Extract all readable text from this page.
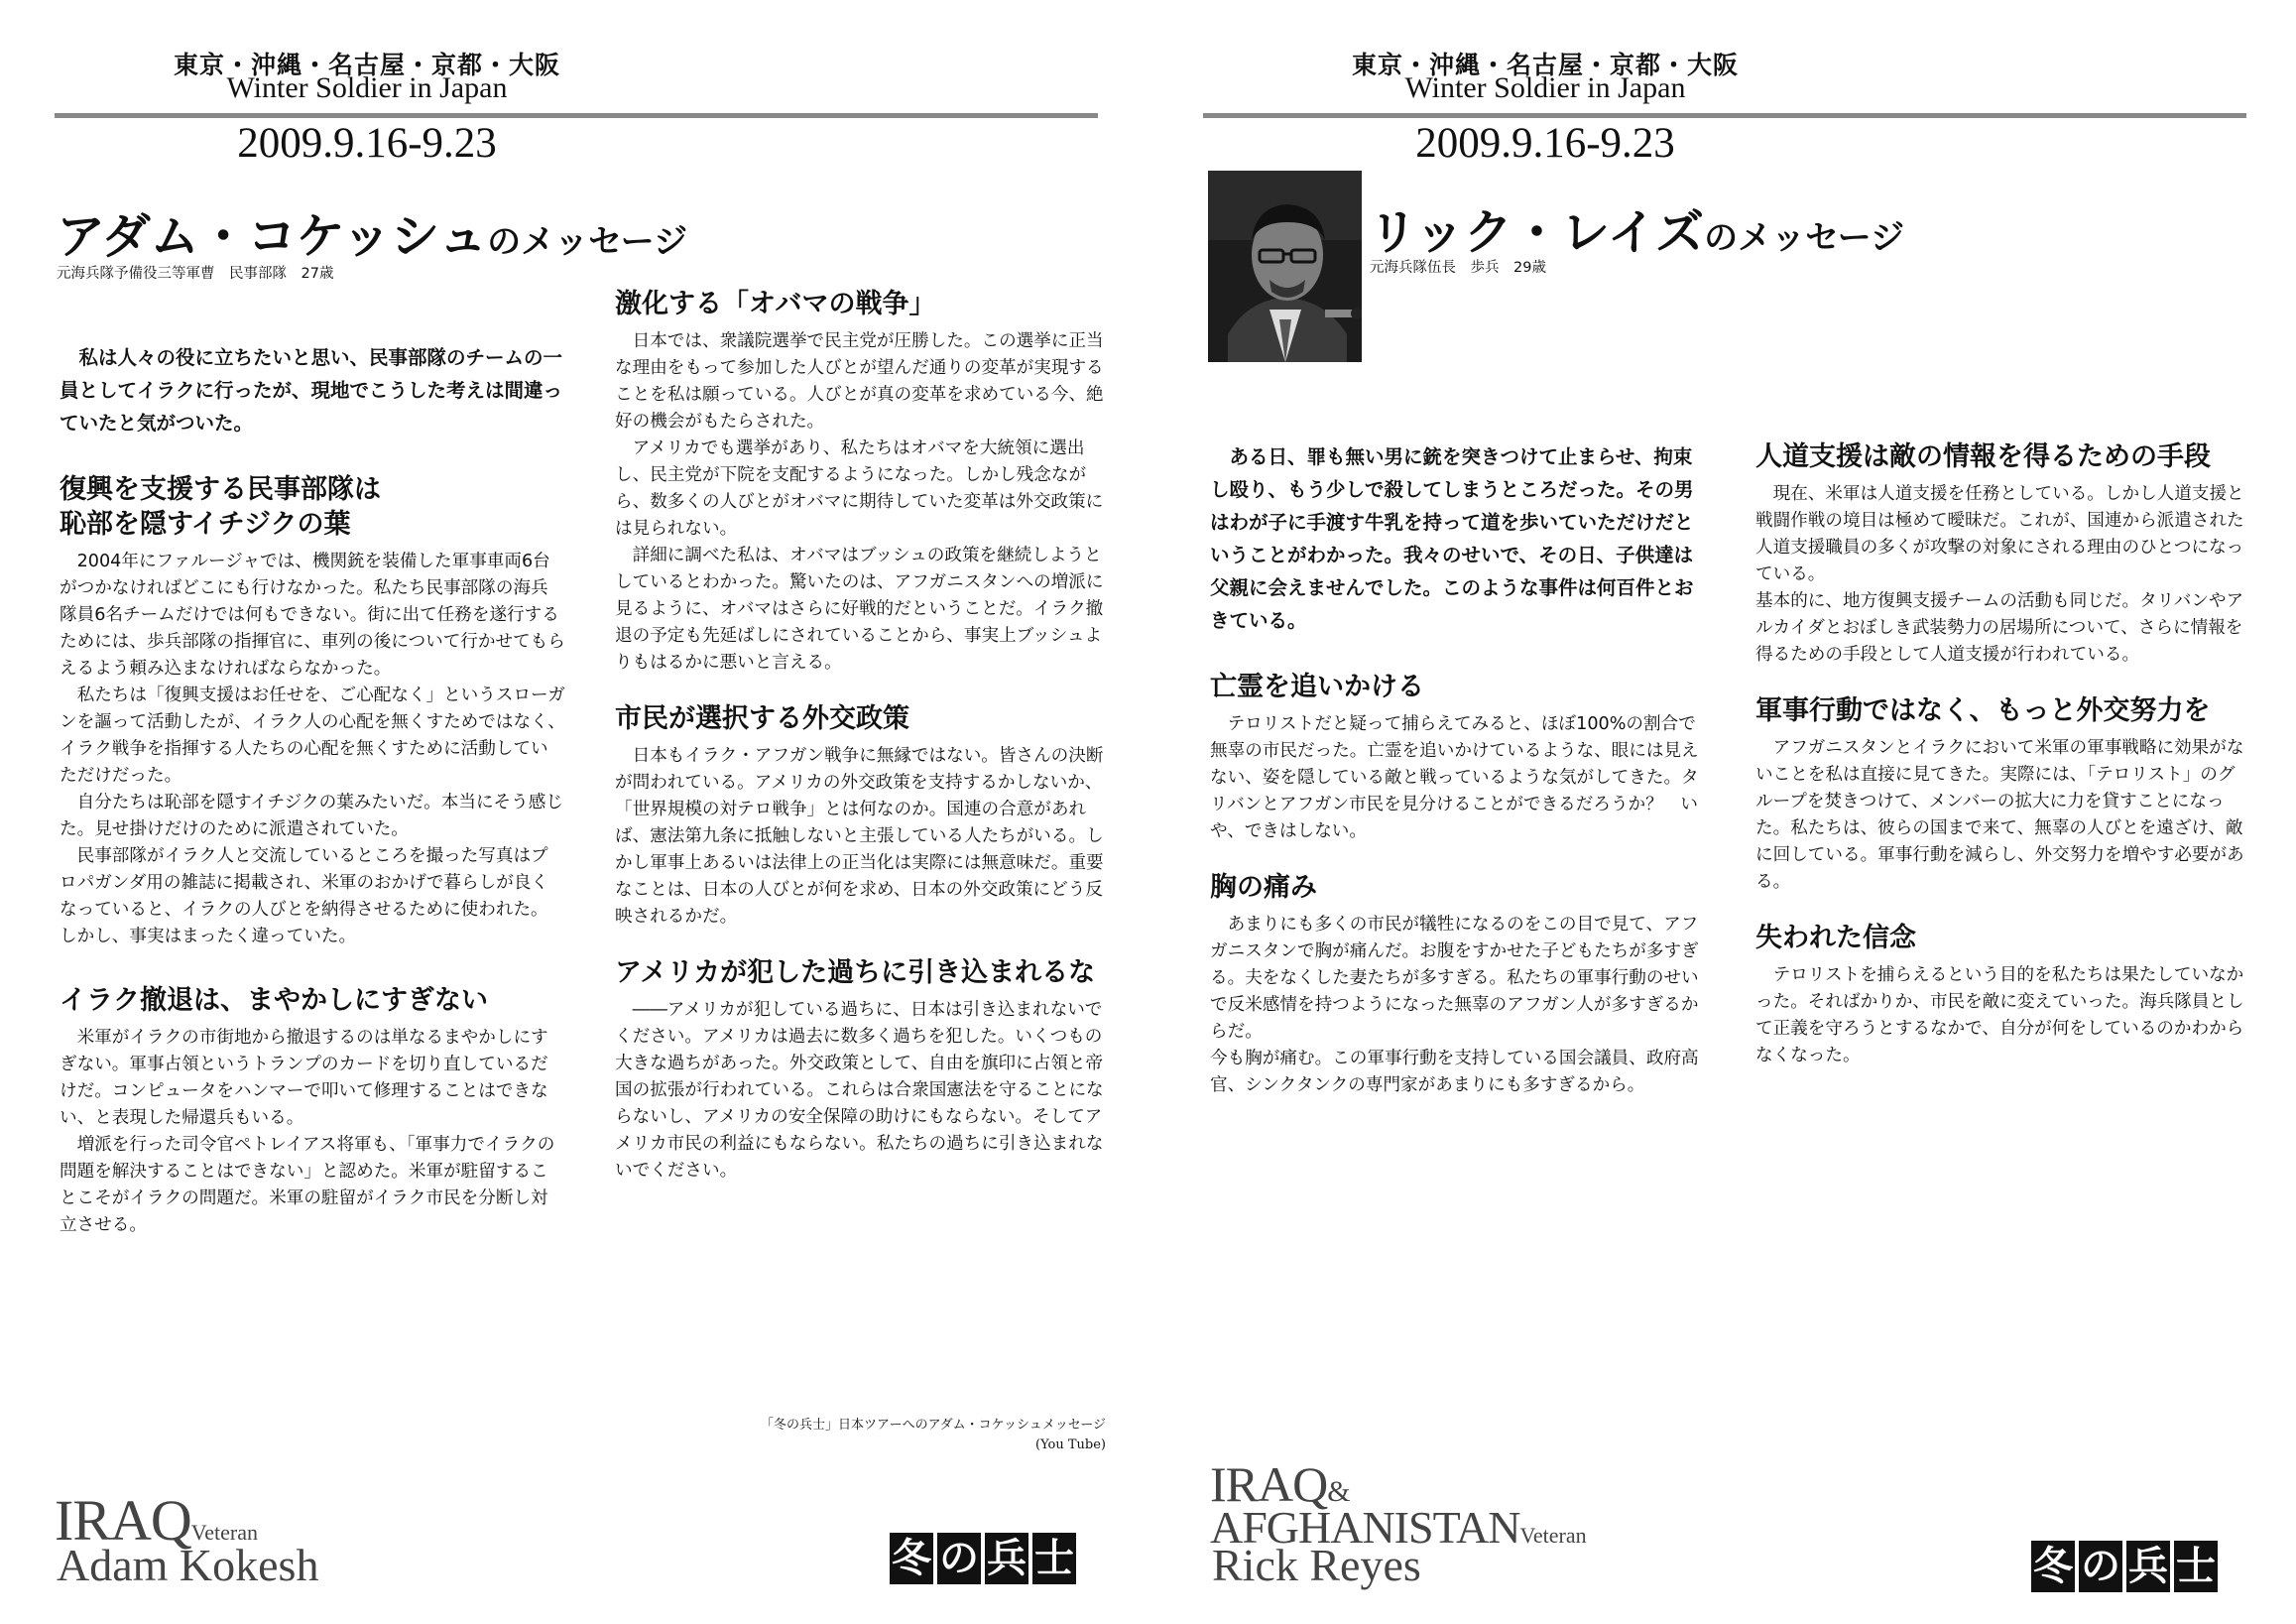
東京・沖縄・名古屋・京都・大阪
Winter Soldier in Japan
2009.9.16-9.23
アダム・コケッシュのメッセージ
元海兵隊予備役三等軍曹　民事部隊　27歳

私は人々の役に立ちたいと思い、民事部隊のチームの一員としてイラクに行ったが、現地でこうした考えは間違っていたと気がついた。

復興を支援する民事部隊は
恥部を隠すイチジクの葉

2004年にファルージャでは、機関銃を装備した軍事車両6台がつかなければどこにも行けなかった。私たち民事部隊の海兵隊員6名チームだけでは何もできない。街に出て任務を遂行するためには、歩兵部隊の指揮官に、車列の後について行かせてもらえるよう頼み込まなければならなかった。

私たちは「復興支援はお任せを、ご心配なく」というスローガンを謳って活動したが、イラク人の心配を無くすためではなく、イラク戦争を指揮する人たちの心配を無くすために活動していただけだった。

自分たちは恥部を隠すイチジクの葉みたいだ。本当にそう感じた。見せ掛けだけのために派遣されていた。

民事部隊がイラク人と交流しているところを撮った写真はプロパガンダ用の雑誌に掲載され、米軍のおかげで暮らしが良くなっていると、イラクの人びとを納得させるために使われた。しかし、事実はまったく違っていた。

イラク撤退は、まやかしにすぎない

米軍がイラクの市街地から撤退するのは単なるまやかしにすぎない。軍事占領というトランプのカードを切り直しているだけだ。コンピュータをハンマーで叩いて修理することはできない、と表現した帰還兵もいる。

増派を行った司令官ペトレイアス将軍も、「軍事力でイラクの問題を解決することはできない」と認めた。米軍が駐留することこそがイラクの問題だ。米軍の駐留がイラク市民を分断し対立させる。

激化する「オバマの戦争」

日本では、衆議院選挙で民主党が圧勝した。この選挙に正当な理由をもって参加した人びとが望んだ通りの変革が実現することを私は願っている。人びとが真の変革を求めている今、絶好の機会がもたらされた。

アメリカでも選挙があり、私たちはオバマを大統領に選出し、民主党が下院を支配するようになった。しかし残念ながら、数多くの人びとがオバマに期待していた変革は外交政策には見られない。

詳細に調べた私は、オバマはブッシュの政策を継続しようとしているとわかった。驚いたのは、アフガニスタンへの増派に見るように、オバマはさらに好戦的だということだ。イラク撤退の予定も先延ばしにされていることから、事実上ブッシュよりもはるかに悪いと言える。

市民が選択する外交政策

日本もイラク・アフガン戦争に無縁ではない。皆さんの決断が問われている。アメリカの外交政策を支持するかしないか、「世界規模の対テロ戦争」とは何なのか。国連の合意があれば、憲法第九条に抵触しないと主張している人たちがいる。しかし軍事上あるいは法律上の正当化は実際には無意味だ。重要なことは、日本の人びとが何を求め、日本の外交政策にどう反映されるかだ。

アメリカが犯した過ちに引き込まれるな

――アメリカが犯している過ちに、日本は引き込まれないでください。アメリカは過去に数多く過ちを犯した。いくつもの大きな過ちがあった。外交政策として、自由を旗印に占領と帝国の拡張が行われている。これらは合衆国憲法を守ることにならないし、アメリカの安全保障の助けにもならない。そしてアメリカ市民の利益にもならない。私たちの過ちに引き込まれないでください。

「冬の兵士」日本ツアーへのアダム・コケッシュメッセージ
(You Tube)
IRAQVeteran
Adam Kokesh	冬 の 兵 士
東京・沖縄・名古屋・京都・大阪
Winter Soldier in Japan
2009.9.16-9.23
リック・レイズのメッセージ
元海兵隊伍長　歩兵　29歳

ある日、罪も無い男に銃を突きつけて止まらせ、拘束し殴り、もう少しで殺してしまうところだった。その男はわが子に手渡す牛乳を持って道を歩いていただけだということがわかった。我々のせいで、その日、子供達は父親に会えませんでした。このような事件は何百件とおきている。

亡霊を追いかける

テロリストだと疑って捕らえてみると、ほぼ100%の割合で無辜の市民だった。亡霊を追いかけているような、眼には見えない、姿を隠している敵と戦っているような気がしてきた。タリバンとアフガン市民を見分けることができるだろうか？　いや、できはしない。

胸の痛み

あまりにも多くの市民が犠牲になるのをこの目で見て、アフガニスタンで胸が痛んだ。お腹をすかせた子どもたちが多すぎる。夫をなくした妻たちが多すぎる。私たちの軍事行動のせいで反米感情を持つようになった無辜のアフガン人が多すぎるからだ。

今も胸が痛む。この軍事行動を支持している国会議員、政府高官、シンクタンクの専門家があまりにも多すぎるから。

人道支援は敵の情報を得るための手段

現在、米軍は人道支援を任務としている。しかし人道支援と戦闘作戦の境目は極めて曖昧だ。これが、国連から派遣された人道支援職員の多くが攻撃の対象にされる理由のひとつになっている。

基本的に、地方復興支援チームの活動も同じだ。タリバンやアルカイダとおぼしき武装勢力の居場所について、さらに情報を得るための手段として人道支援が行われている。

軍事行動ではなく、もっと外交努力を

アフガニスタンとイラクにおいて米軍の軍事戦略に効果がないことを私は直接に見てきた。実際には、「テロリスト」のグループを焚きつけて、メンバーの拡大に力を貸すことになった。私たちは、彼らの国まで来て、無辜の人びとを遠ざけ、敵に回している。軍事行動を減らし、外交努力を増やす必要がある。

失われた信念

テロリストを捕らえるという目的を私たちは果たしていなかった。そればかりか、市民を敵に変えていった。海兵隊員として正義を守ろうとするなかで、自分が何をしているのかわからなくなった。

IRAQ&
AFGHANISTANVeteran
Rick Reyes	冬 の 兵 士
